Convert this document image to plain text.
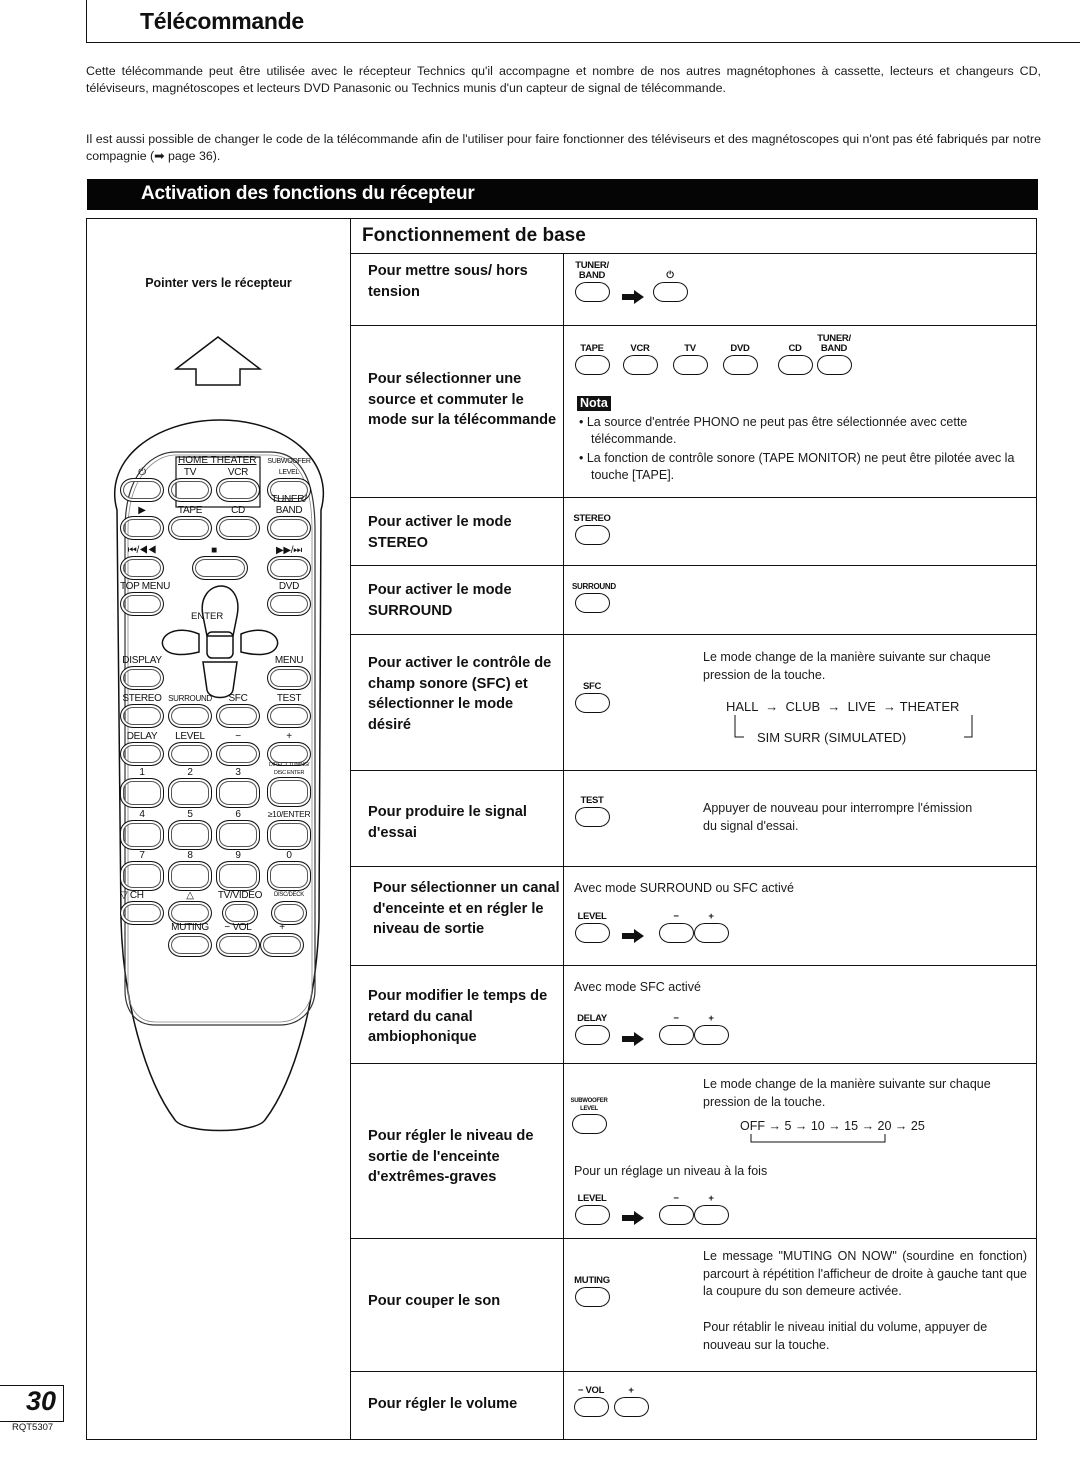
Télécommande
Cette télécommande peut être utilisée avec le récepteur Technics qu'il accompagne et nombre de nos autres magnétophones à cassette, lecteurs et changeurs CD, téléviseurs, magnétoscopes et lecteurs DVD Panasonic ou Technics munis d'un capteur de signal de télécommande.
Il est aussi possible de changer le code de la télécommande afin de l'utiliser pour faire fonctionner des téléviseurs et des magnétoscopes qui n'ont pas été fabriqués par notre compagnie (➡ page 36).
Activation des fonctions du récepteur
Pointer vers le récepteur
ENTER
HOME THEATER
⏻	TV	VCR
SUBWOOFER LEVEL
▶	TAPE	CD
TUNER/ BAND
⏮/◀◀	■	▶▶/⏭
TOP MENU	DVD
DISPLAY	MENU
STEREO SURROUND	SFC	TEST
DELAY	LEVEL	−	+
1	2	3
DIRECT TUNING/ DISC ENTER
4	5	6	≥10/ENTER
7	8	9	0
▽ CH	△	TV/VIDEO	DISC/DECK
MUTING	− VOL	+
Fonctionnement de base
Pour mettre sous/ hors tension
TUNER/ BAND	⏻
Pour sélectionner une source et commuter le mode sur la télécommande
TAPE	VCR	TV	DVD	CD
TUNER/ BAND
Nota
• La source d'entrée PHONO ne peut pas être sélectionnée avec cette télécommande.
• La fonction de contrôle sonore (TAPE MONITOR) ne peut être pilotée avec la touche [TAPE].
Pour activer le mode STEREO
STEREO
Pour activer le mode SURROUND
SURROUND
Pour activer le contrôle de champ sonore (SFC) et sélectionner le mode désiré
SFC
Le mode change de la manière suivante sur chaque pression de la touche.
HALL  →  CLUB  →  LIVE  → THEATER
SIM SURR (SIMULATED)
Pour produire le signal d'essai
TEST
Appuyer de nouveau pour interrompre l'émission du signal d'essai.
Pour sélectionner un canal d'enceinte et en régler le niveau de sortie
Avec mode SURROUND ou SFC activé
LEVEL	−	+
Pour modifier le temps de retard du canal ambiophonique
Avec mode SFC activé
DELAY	−	+
Pour régler le niveau de sortie de l'enceinte d'extrêmes-graves
SUBWOOFER LEVEL
Le mode change de la manière suivante sur chaque pression de la touche.
OFF → 5 → 10 → 15 → 20 → 25
Pour un réglage un niveau à la fois
LEVEL	−	+
Pour couper le son
MUTING
Le message "MUTING ON NOW" (sourdine en fonction) parcourt à répétition l'afficheur de droite à gauche tant que la coupure du son demeure activée.
Pour rétablir le niveau initial du volume, appuyer de nouveau sur la touche.
Pour régler le volume
− VOL	+
30
RQT5307
